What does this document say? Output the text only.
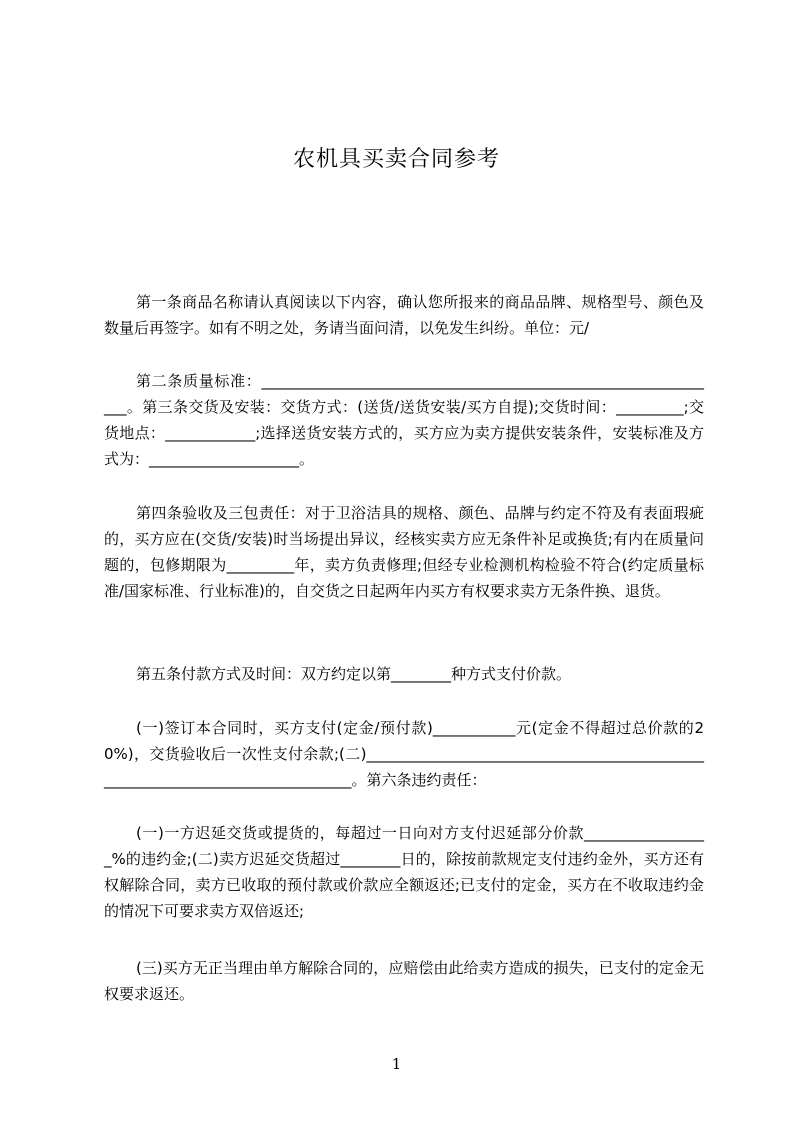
农机具买卖合同参考

第一条商品名称请认真阅读以下内容，确认您所报来的商品品牌、规格型号、颜色及数量后再签字。如有不明之处，务请当面问清，以免发生纠纷。单位：元/

第二条质量标准：______________________________________________________________。第三条交货及安装：交货方式：(送货/送货安装/买方自提);交货时间：_________;交货地点：____________;选择送货安装方式的，买方应为卖方提供安装条件，安装标准及方式为：____________________。

第四条验收及三包责任：对于卫浴洁具的规格、颜色、品牌与约定不符及有表面瑕疵的，买方应在(交货/安装)时当场提出异议，经核实卖方应无条件补足或换货;有内在质量问题的，包修期限为_________年，卖方负责修理;但经专业检测机构检验不符合(约定质量标准/国家标准、行业标准)的，自交货之日起两年内买方有权要求卖方无条件换、退货。

第五条付款方式及时间：双方约定以第________种方式支付价款。

(一)签订本合同时，买方支付(定金/预付款)___________元(定金不得超过总价款的20%)，交货验收后一次性支付余款;(二)______________________________________________________________________________。第六条违约责任：

(一)一方迟延交货或提货的，每超过一日向对方支付迟延部分价款_________________%的违约金;(二)卖方迟延交货超过________日的，除按前款规定支付违约金外，买方还有权解除合同，卖方已收取的预付款或价款应全额返还;已支付的定金，买方在不收取违约金的情况下可要求卖方双倍返还;

(三)买方无正当理由单方解除合同的，应赔偿由此给卖方造成的损失，已支付的定金无权要求返还。

1
